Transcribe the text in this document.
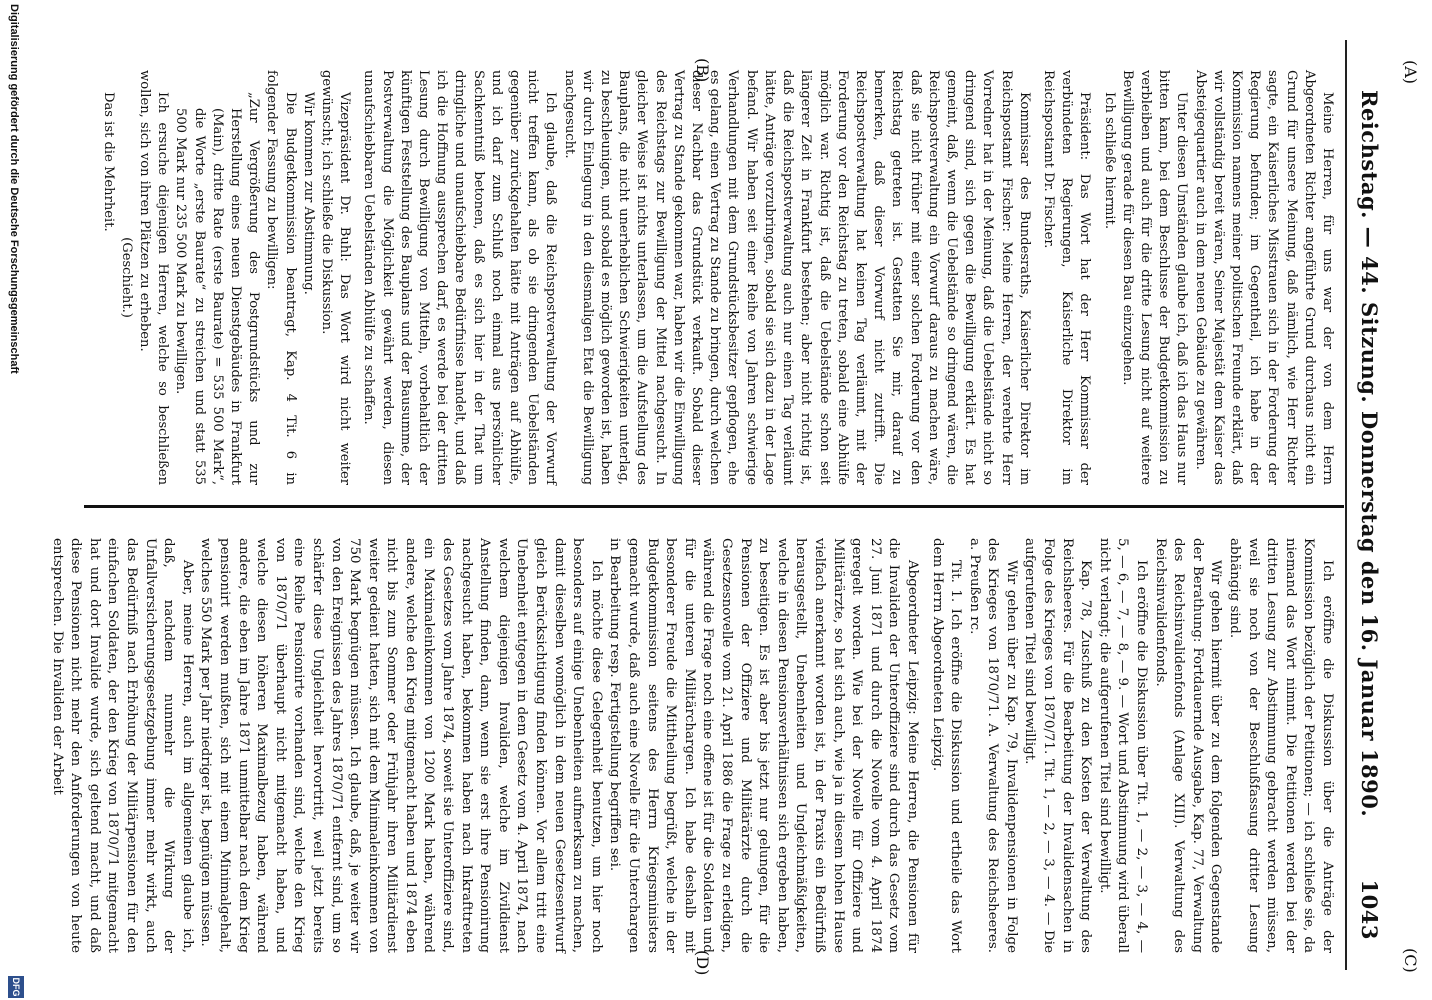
Reichstag. — 44. Sitzung. Donnerstag den 16. Januar 1890.
1043
(A)
(B)
(C)
(D)

Meine Herren, für uns war der von dem Herrn Abgeordneten Richter angeführte Grund durchaus nicht ein Grund für unsere Meinung, daß nämlich, wie Herr Richter sagte, ein Kaiserliches Misstrauen sich in der Forderung der Regierung befunden; im Gegentheil, ich habe in der Kommission namens meiner politischen Freunde erklärt, daß wir vollständig bereit wären, Seiner Majestät dem Kaiser das Absteigequartier auch in dem neuen Gebäude zu gewähren.

Unter diesen Umständen glaube ich, daß ich das Haus nur bitten kann, bei dem Beschlusse der Budgetkommission zu verbleiben und auch für die dritte Lesung nicht auf weitere Bewilligung gerade für diesen Bau einzugehen.

Ich schließe hiermit.

Präsident: Das Wort hat der Herr Kommissar der verbündeten Regierungen, Kaiserliche Direktor im Reichspostamt Dr. Fischer.

Kommissar des Bundesraths, Kaiserlicher Direktor im Reichspostamt Fischer: Meine Herren, der verehrte Herr Vorredner hat in der Meinung, daß die Uebelstände nicht so dringend sind, sich gegen die Bewilligung erklärt. Es hat gemeint, daß, wenn die Uebelstände so dringend wären, die Reichspostverwaltung ein Vorwurf daraus zu machen wäre, daß sie nicht früher mit einer solchen Forderung vor den Reichstag getreten ist. Gestatten Sie mir, darauf zu bemerken, daß dieser Vorwurf nicht zutrifft. Die Reichspostverwaltung hat keinen Tag verläumt, mit der Forderung vor den Reichstag zu treten, sobald eine Abhülfe möglich war. Richtig ist, daß die Uebelstände schon seit längerer Zeit in Frankfurt bestehen; aber nicht richtig ist, daß die Reichspostverwaltung auch nur einen Tag verläumt hätte, Anträge vorzubringen, sobald sie sich dazu in der Lage befand. Wir haben seit einer Reihe von Jahren schwierige Verhandlungen mit dem Grundstücksbesitzer gepflogen, ehe es gelang, einen Vertrag zu Stande zu bringen, durch welchen dieser Nachbar das Grundstück verkauft. Sobald dieser Vertrag zu Stande gekommen war, haben wir die Einwilligung des Reichstags zur Bewilligung der Mittel nachgesucht. In gleicher Weise ist nichts unterlassen, um die Aufstellung des Bauplans, die nicht unerheblichen Schwierigkeiten unterlag, zu beschleunigen, und sobald es möglich geworden ist, haben wir durch Einlegung in den diesmaligen Etat die Bewilligung nachgesucht.

Ich glaube, daß die Reichspostverwaltung der Vorwurf nicht treffen kann, als ob sie dringenden Uebelständen gegenüber zurückgehalten hätte mit Anträgen auf Abhülfe, und ich darf zum Schluß noch einmal aus persönlicher Sachkenntniß betonen, daß es sich hier in der That um dringliche und unaufschiebbare Bedürfnisse handelt, und daß ich die Hoffnung aussprechen darf, es werde bei der dritten Lesung durch Bewilligung von Mitteln, vorbehaltlich der künftigen Feststellung des Bauplans und der Bausumme, der Postverwaltung die Möglichkeit gewährt werden, diesen unaufschiebbaren Uebelständen Abhülfe zu schaffen.

Vizepräsident Dr. Buhl: Das Wort wird nicht weiter gewünscht; ich schließe die Diskussion.

Wir kommen zur Abstimmung.

Die Budgetkommission beantragt, Kap. 4 Tit. 6 in folgender Fassung zu bewilligen:

„Zur Vergrößerung des Postgrundstücks und zur Herstellung eines neuen Dienstgebäudes in Frankfurt (Main), dritte Rate (erste Baurate) = 535 500 Mark“, die Worte „erste Baurate“ zu streichen und statt 535 500 Mark nur 235 500 Mark zu bewilligen.

Ich ersuche diejenigen Herren, welche so beschließen wollen, sich von ihren Plätzen zu erheben.

(Geschieht.)

Das ist die Mehrheit.

Ich eröffne die Diskussion über die Anträge der Kommission bezüglich der Petitionen; — ich schließe sie, da niemand das Wort nimmt. Die Petitionen werden bei der dritten Lesung zur Abstimmung gebracht werden müssen, weil sie noch von der Beschlußfassung dritter Lesung abhängig sind.

Wir gehen hiermit über zu dem folgenden Gegenstande der Berathung: Fortdauernde Ausgabe, Kap. 77, Verwaltung des Reichsinvalidenfonds (Anlage XIII). Verwaltung des Reichsinvalidenfonds.

Ich eröffne die Diskussion über Tit. 1, — 2, — 3, — 4, — 5, — 6, — 7, — 8, — 9. — Wort und Abstimmung wird überall nicht verlangt; die aufgerufenen Titel sind bewilligt.

Kap. 78, Zuschuß zu den Kosten der Verwaltung des Reichsheeres. Für die Bearbeitung der Invalidensachen in Folge des Krieges von 1870/71. Tit. 1, — 2, — 3, — 4. — Die aufgerufenen Titel sind bewilligt.

Wir gehen über zu Kap. 79, Invalidenpensionen in Folge des Krieges von 1870/71. A. Verwaltung des Reichsheeres. a. Preußen rc.

Tit. 1. Ich eröffne die Diskussion und ertheile das Wort dem Herrn Abgeordneten Leipzig.

Abgeordneter Leipzig: Meine Herren, die Pensionen für die Invaliden der Unteroffiziere sind durch das Gesetz vom 27. Juni 1871 und durch die Novelle vom 4. April 1874 geregelt worden. Wie bei der Novelle für Offiziere und Militärärzte, so hat sich auch, wie ja in diesem hohen Hause vielfach anerkannt worden ist, in der Praxis ein Bedürfniß herausgestellt, Unebenheiten und Ungleichmäßigkeiten, welche in diesen Pensionsverhältnissen sich ergeben haben, zu beseitigen. Es ist aber bis jetzt nur gelungen, für die Pensionen der Offiziere und Militärärzte durch die Gesetzesnovelle vom 21. April 1886 die Frage zu erledigen, während die Frage noch eine offene ist für die Soldaten und für die unteren Militärchargen. Ich habe deshalb mit besonderer Freude die Mittheilung begrüßt, welche in der Budgetkommission seitens des Herrn Kriegsministers gemacht wurde, daß auch eine Novelle für die Unterchargen in Bearbeitung resp. Fertigstellung begriffen sei.

Ich möchte diese Gelegenheit benutzen, um hier noch besonders auf einige Unebenheiten aufmerksam zu machen, damit dieselben womöglich in dem neuen Gesetzesentwurf gleich Berücksichtigung finden können. Vor allem tritt eine Unebenheit entgegen in dem Gesetz vom 4. April 1874, nach welchem diejenigen Invaliden, welche im Zivildienst Anstellung finden, dann, wenn sie erst ihre Pensionirung nachgesucht haben, bekommen haben nach Inkrafttreten des Gesetzes vom Jahre 1874, soweit sie Unteroffiziere sind, ein Maximaleinkommen von 1200 Mark haben, während andere, welche den Krieg mitgemacht haben und 1874 eben nicht bis zum Sommer oder Frühjahr ihren Militärdienst weiter gedient hatten, sich mit dem Minimaleinkommen von 750 Mark begnügen müssen. Ich glaube, daß, je weiter wir von den Ereignissen des Jahres 1870/71 entfernt sind, um so schärfer diese Ungleichheit hervortritt, weil jetzt bereits eine Reihe Pensionirte vorhanden sind, welche den Krieg von 1870/71 überhaupt nicht mitgemacht haben, und welche diesen höheren Maximalbezug haben, während andere, die eben im Jahre 1871 unmittelbar nach dem Krieg pensionirt werden mußten, sich mit einem Minimalgehalt, welches 550 Mark per Jahr niedriger ist, begnügen müssen.

Aber, meine Herren, auch im allgemeinen glaube ich, daß, nachdem nunmehr die Wirkung der Unfallversicherungsgesetzgebung immer mehr wirkt, auch das Bedürfniß nach Erhöhung der Militärpensionen für den einfachen Soldaten, der den Krieg von 1870/71 mitgemacht hat und dort Invalide wurde, sich geltend macht, und daß diese Pensionen nicht mehr den Anforderungen von heute entsprechen. Die Invaliden der Arbeit

Digitalisierung gefördert durch die Deutsche Forschungsgemeinschaft
DFG
